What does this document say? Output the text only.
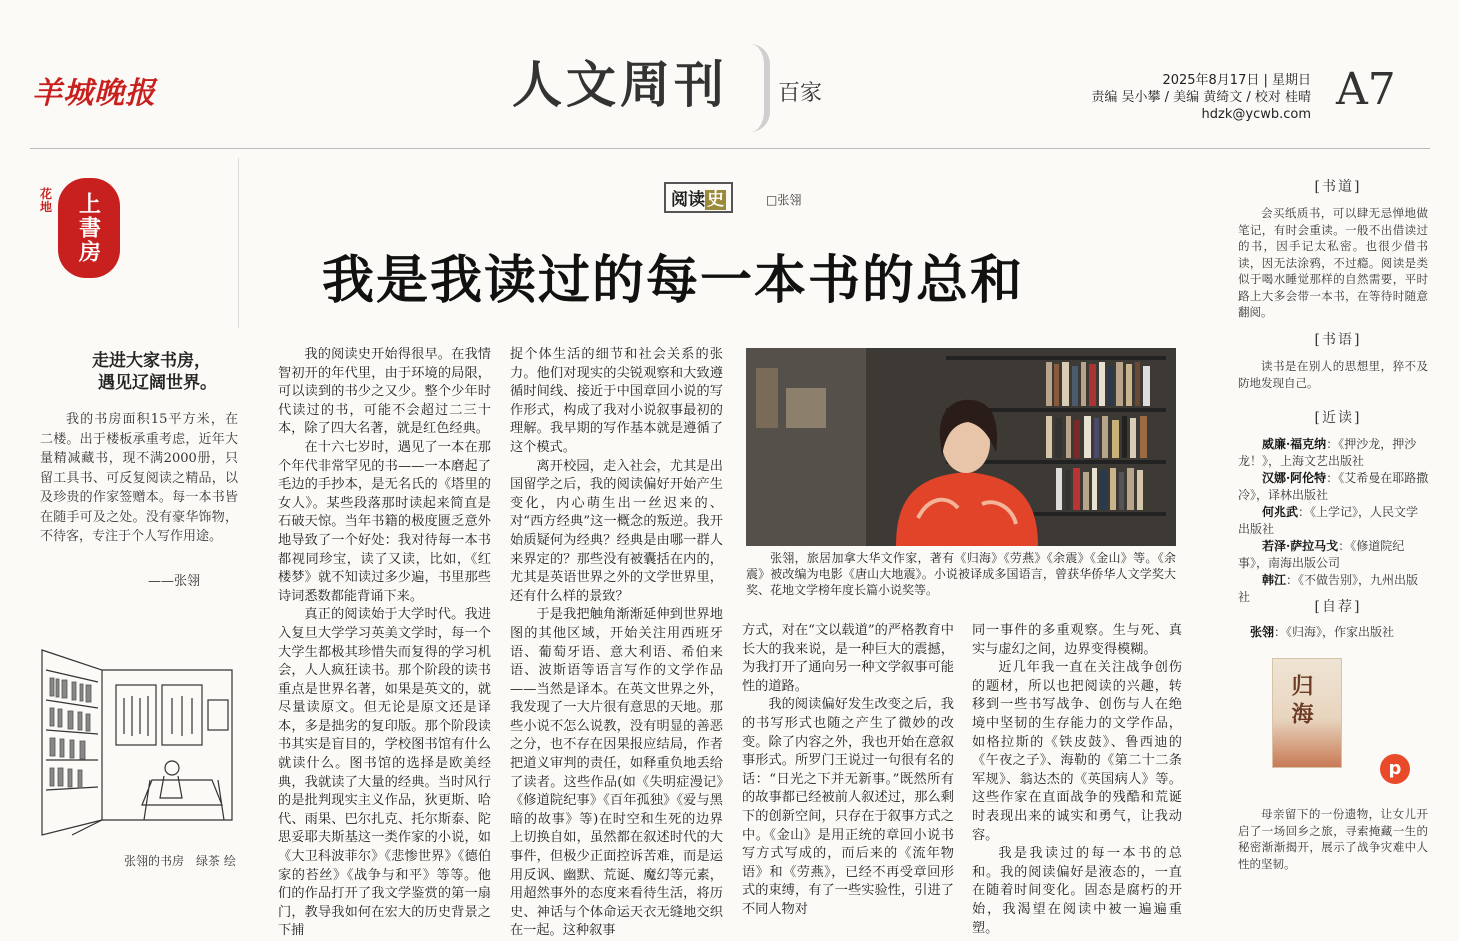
羊城晚报	人文周刊 百家
2025年8月17日 | 星期日
责编 吴小攀 / 美编 黄绮文 / 校对 桂晴
hdzk@ycwb.com A7
花地	上書房
走进大家书房，
遇见辽阔世界。
我的书房面积15平方米，在二楼。出于楼板承重考虑，近年大量精减藏书，现不满2000册，只留工具书、可反复阅读之精品，以及珍贵的作家签赠本。每一本书皆在随手可及之处。没有豪华饰物，不待客，专注于个人写作用途。
——张翎
张翎的书房　绿茶 绘
阅读 史	□张翎
我是我读过的每一本书的总和

我的阅读史开始得很早。在我情智初开的年代里，由于环境的局限，可以读到的书少之又少。整个少年时代读过的书，可能不会超过二三十本，除了四大名著，就是红色经典。

在十六七岁时，遇见了一本在那个年代非常罕见的书——一本磨起了毛边的手抄本，是无名氏的《塔里的女人》。某些段落那时读起来简直是石破天惊。当年书籍的极度匮乏意外地导致了一个好处：我对待每一本书都视同珍宝，读了又读，比如，《红楼梦》就不知读过多少遍，书里那些诗词悉数都能背诵下来。

真正的阅读始于大学时代。我进入复旦大学学习英美文学时，每一个大学生都极其珍惜失而复得的学习机会，人人疯狂读书。那个阶段的读书重点是世界名著，如果是英文的，就尽量读原文。但无论是原文还是译本，多是拙劣的复印版。那个阶段读书其实是盲目的，学校图书馆有什么就读什么。图书馆的选择是欧美经典，我就读了大量的经典。当时风行的是批判现实主义作品，狄更斯、哈代、雨果、巴尔扎克、托尔斯泰、陀思妥耶夫斯基这一类作家的小说，如《大卫科波菲尔》《悲惨世界》《德伯家的苔丝》《战争与和平》等等。他们的作品打开了我文学鉴赏的第一扇门，教导我如何在宏大的历史背景之下捕

捉个体生活的细节和社会关系的张力。他们对现实的尖锐观察和大致遵循时间线、接近于中国章回小说的写作形式，构成了我对小说叙事最初的理解。我早期的写作基本就是遵循了这个模式。

离开校园，走入社会，尤其是出国留学之后，我的阅读偏好开始产生变化，内心萌生出一丝迟来的、对“西方经典”这一概念的叛逆。我开始质疑何为经典？经典是由哪一群人来界定的？那些没有被囊括在内的，尤其是英语世界之外的文学世界里，还有什么样的景致？

于是我把触角渐渐延伸到世界地图的其他区域，开始关注用西班牙语、葡萄牙语、意大利语、希伯来语、波斯语等语言写作的文学作品——当然是译本。在英文世界之外，我发现了一大片很有意思的天地。那些小说不怎么说教，没有明显的善恶之分，也不存在因果报应结局，作者把道义审判的责任，如释重负地丢给了读者。这些作品(如《失明症漫记》《修道院纪事》《百年孤独》《爱与黑暗的故事》等)在时空和生死的边界上切换自如，虽然都在叙述时代的大事件，但极少正面控诉苦难，而是运用反讽、幽默、荒诞、魔幻等元素，用超然事外的态度来看待生活，将历史、神话与个体命运天衣无缝地交织在一起。这种叙事

张翎，旅居加拿大华文作家，著有《归海》《劳燕》《余震》《金山》等。《余震》被改编为电影《唐山大地震》。小说被译成多国语言，曾获华侨华人文学奖大奖、花地文学榜年度长篇小说奖等。

方式，对在“文以载道”的严格教育中长大的我来说，是一种巨大的震撼，为我打开了通向另一种文学叙事可能性的道路。

我的阅读偏好发生改变之后，我的书写形式也随之产生了微妙的改变。除了内容之外，我也开始在意叙事形式。所罗门王说过一句很有名的话：“日光之下并无新事。”既然所有的故事都已经被前人叙述过，那么剩下的创新空间，只存在于叙事方式之中。《金山》是用正统的章回小说书写方式写成的，而后来的《流年物语》和《劳燕》，已经不再受章回形式的束缚，有了一些实验性，引进了不同人物对

同一事件的多重观察。生与死、真实与虚幻之间，边界变得模糊。

近几年我一直在关注战争创伤的题材，所以也把阅读的兴趣，转移到一些书写战争、创伤与人在绝境中坚韧的生存能力的文学作品，如格拉斯的《铁皮鼓》、鲁西迪的《午夜之子》、海勒的《第二十二条军规》、翁达杰的《英国病人》等。这些作家在直面战争的残酷和荒诞时表现出来的诚实和勇气，让我动容。

我是我读过的每一本书的总和。我的阅读偏好是液态的，一直在随着时间变化。固态是腐朽的开始，我渴望在阅读中被一遍遍重塑。

[书道]
会买纸质书，可以肆无忌惮地做笔记，有时会重读。一般不出借读过的书，因手记太私密。也很少借书读，因无法涂鸦，不过瘾。阅读是类似于喝水睡觉那样的自然需要，平时路上大多会带一本书，在等待时随意翻阅。
[书语]
读书是在别人的思想里，猝不及防地发现自己。
[近读]
威廉·福克纳：《押沙龙，押沙龙！》，上海文艺出版社
汉娜·阿伦特：《艾希曼在耶路撒冷》，译林出版社
何兆武：《上学记》，人民文学出版社
若泽·萨拉马戈：《修道院纪事》，南海出版公司
韩江：《不做告别》，九州出版社
[自荐]
张翎：《归海》，作家出版社
归海
p
母亲留下的一份遗物，让女儿开启了一场回乡之旅，寻索掩藏一生的秘密渐渐揭开，展示了战争灾难中人性的坚韧。
